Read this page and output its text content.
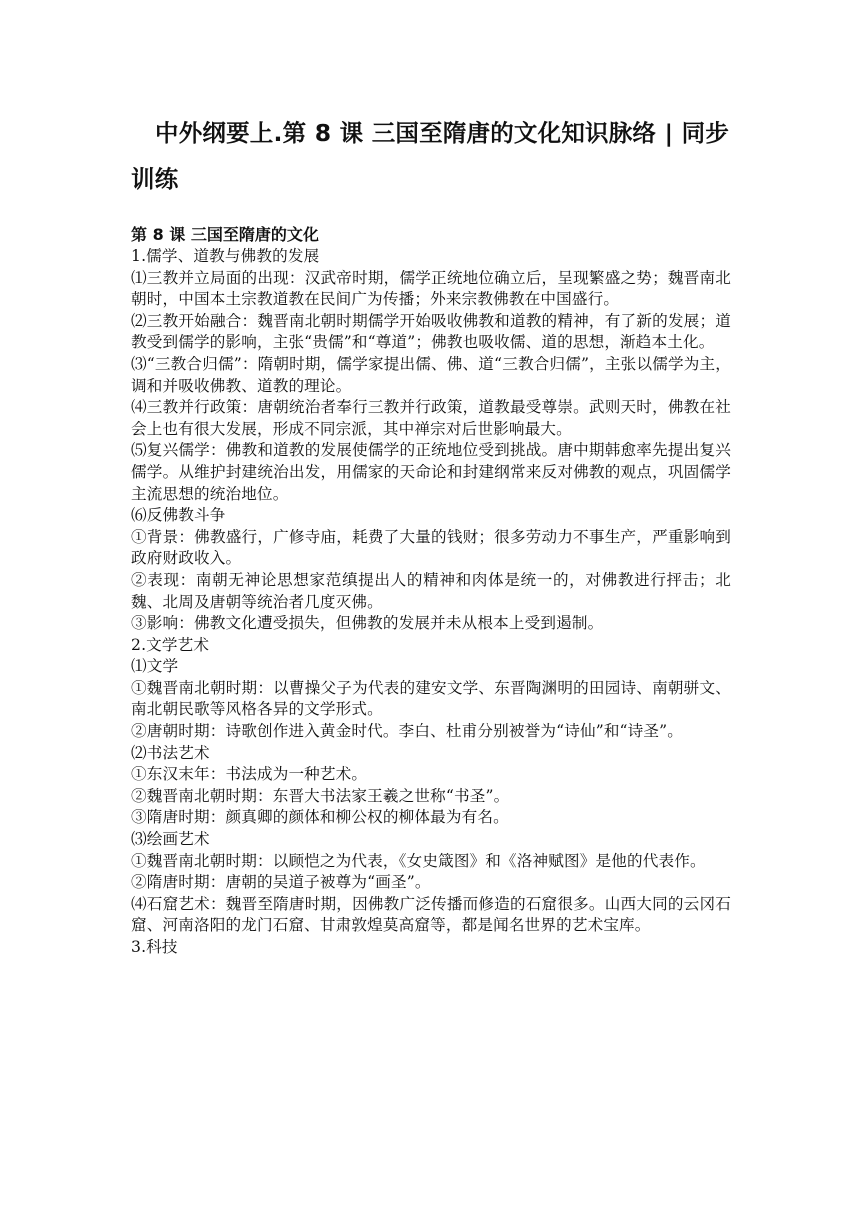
中外纲要上.第 8 课 三国至隋唐的文化知识脉络 | 同步训练
第 8 课 三国至隋唐的文化

1.儒学、道教与佛教的发展

⑴三教并立局面的出现：汉武帝时期，儒学正统地位确立后，呈现繁盛之势；魏晋南北朝时，中国本土宗教道教在民间广为传播；外来宗教佛教在中国盛行。

⑵三教开始融合：魏晋南北朝时期儒学开始吸收佛教和道教的精神，有了新的发展；道教受到儒学的影响，主张“贵儒”和“尊道”；佛教也吸收儒、道的思想，渐趋本土化。

⑶“三教合归儒”：隋朝时期，儒学家提出儒、佛、道“三教合归儒”，主张以儒学为主，调和并吸收佛教、道教的理论。

⑷三教并行政策：唐朝统治者奉行三教并行政策，道教最受尊崇。武则天时，佛教在社会上也有很大发展，形成不同宗派，其中禅宗对后世影响最大。

⑸复兴儒学：佛教和道教的发展使儒学的正统地位受到挑战。唐中期韩愈率先提出复兴儒学。从维护封建统治出发，用儒家的天命论和封建纲常来反对佛教的观点，巩固儒学主流思想的统治地位。

⑹反佛教斗争

①背景：佛教盛行，广修寺庙，耗费了大量的钱财；很多劳动力不事生产，严重影响到政府财政收入。

②表现：南朝无神论思想家范缜提出人的精神和肉体是统一的，对佛教进行抨击；北魏、北周及唐朝等统治者几度灭佛。

③影响：佛教文化遭受损失，但佛教的发展并未从根本上受到遏制。

2.文学艺术

⑴文学

①魏晋南北朝时期：以曹操父子为代表的建安文学、东晋陶渊明的田园诗、南朝骈文、南北朝民歌等风格各异的文学形式。

②唐朝时期：诗歌创作进入黄金时代。李白、杜甫分别被誉为“诗仙”和“诗圣”。

⑵书法艺术

①东汉末年：书法成为一种艺术。

②魏晋南北朝时期：东晋大书法家王羲之世称“书圣”。

③隋唐时期：颜真卿的颜体和柳公权的柳体最为有名。

⑶绘画艺术

①魏晋南北朝时期：以顾恺之为代表，《女史箴图》和《洛神赋图》是他的代表作。

②隋唐时期：唐朝的吴道子被尊为“画圣”。

⑷石窟艺术：魏晋至隋唐时期，因佛教广泛传播而修造的石窟很多。山西大同的云冈石窟、河南洛阳的龙门石窟、甘肃敦煌莫高窟等，都是闻名世界的艺术宝库。

3.科技
